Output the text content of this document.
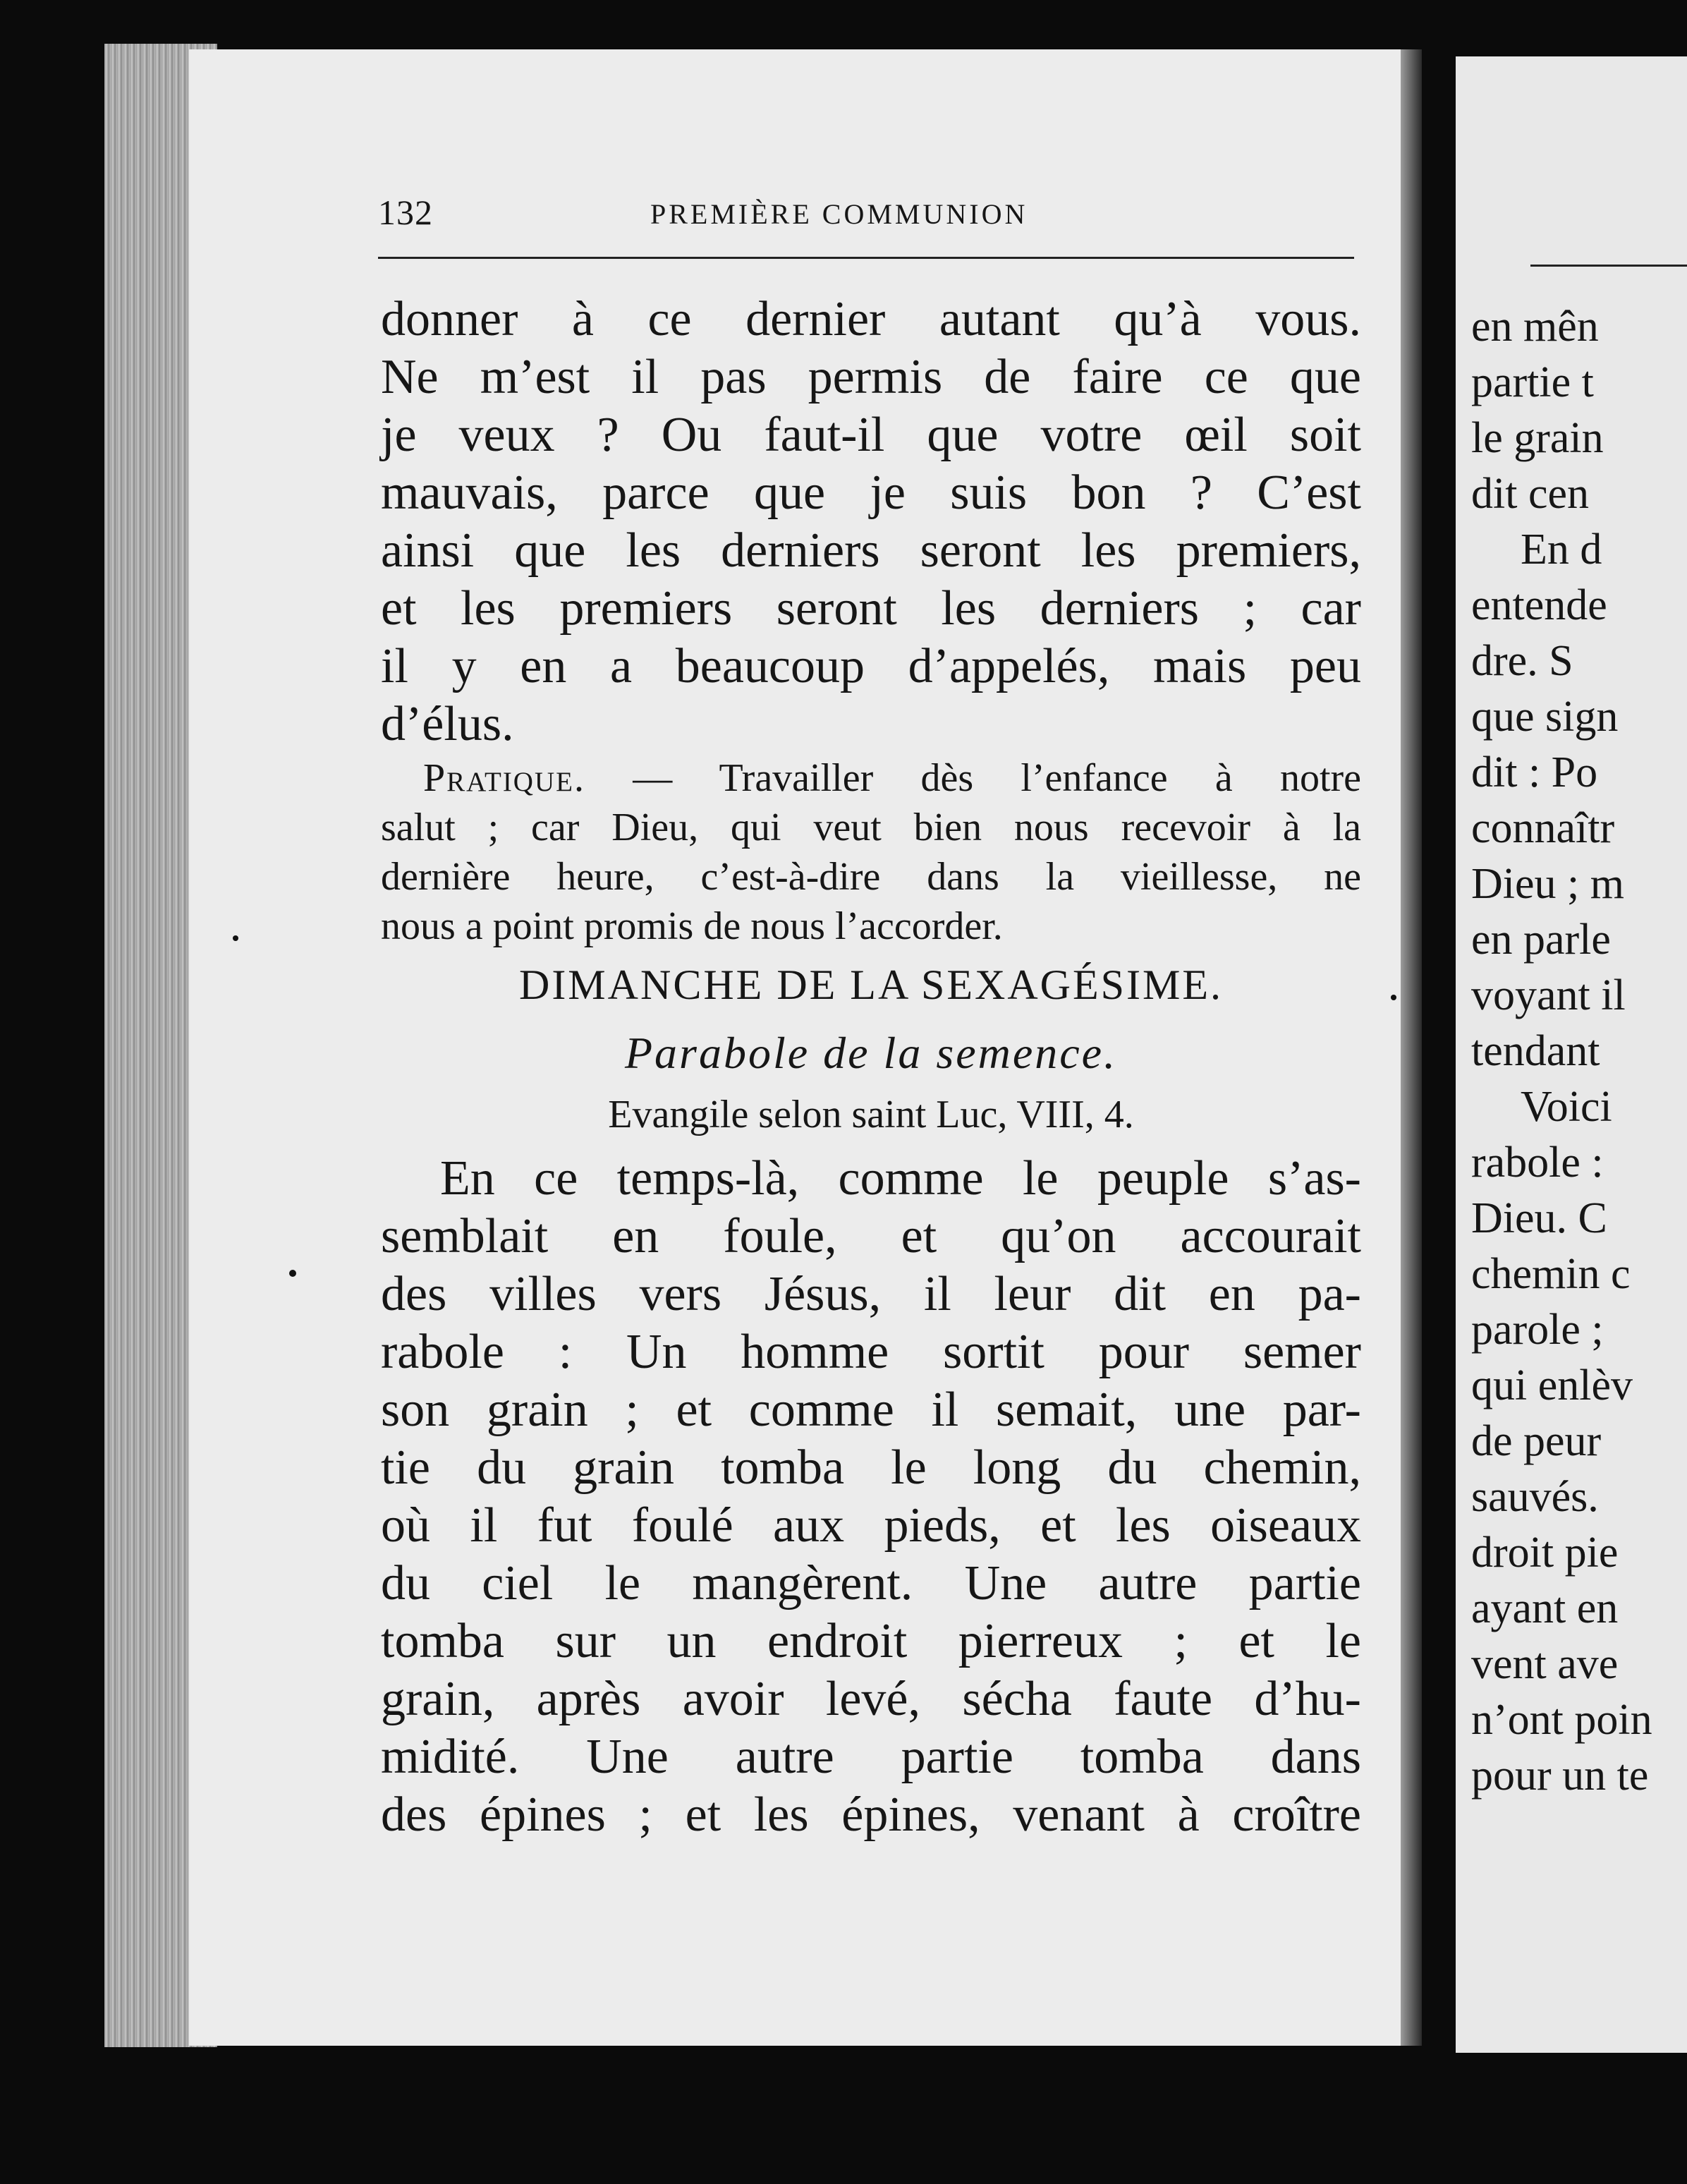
132	PREMIÈRE COMMUNION
donner à ce dernier autant qu’à vous.
Ne m’est il pas permis de faire ce que
je veux ? Ou faut-il que votre œil soit
mauvais, parce que je suis bon ? C’est
ainsi que les derniers seront les premiers,
et les premiers seront les derniers ; car
il y en a beaucoup d’appelés, mais peu
d’élus.
Pratique. — Travailler dès l’enfance à notre
salut ; car Dieu, qui veut bien nous recevoir à la
dernière heure, c’est-à-dire dans la vieillesse, ne
nous a point promis de nous l’accorder.
DIMANCHE DE LA SEXAGÉSIME.
Parabole de la semence.
Evangile selon saint Luc, VIII, 4.
En ce temps-là, comme le peuple s’as-
semblait en foule, et qu’on accourait
des villes vers Jésus, il leur dit en pa-
rabole : Un homme sortit pour semer
son grain ; et comme il semait, une par-
tie du grain tomba le long du chemin,
où il fut foulé aux pieds, et les oiseaux
du ciel le mangèrent. Une autre partie
tomba sur un endroit pierreux ; et le
grain, après avoir levé, sécha faute d’hu-
midité. Une autre partie tomba dans
des épines ; et les épines, venant à croître
en mên
partie t
le grain
dit cen
En d
entende
dre. S
que sign
dit : Po
connaîtr
Dieu ; m
en parle
voyant il
tendant
Voici
rabole :
Dieu. C
chemin c
parole ;
qui enlèv
de peur
sauvés.
droit pie
ayant en
vent ave
n’ont poin
pour un te
